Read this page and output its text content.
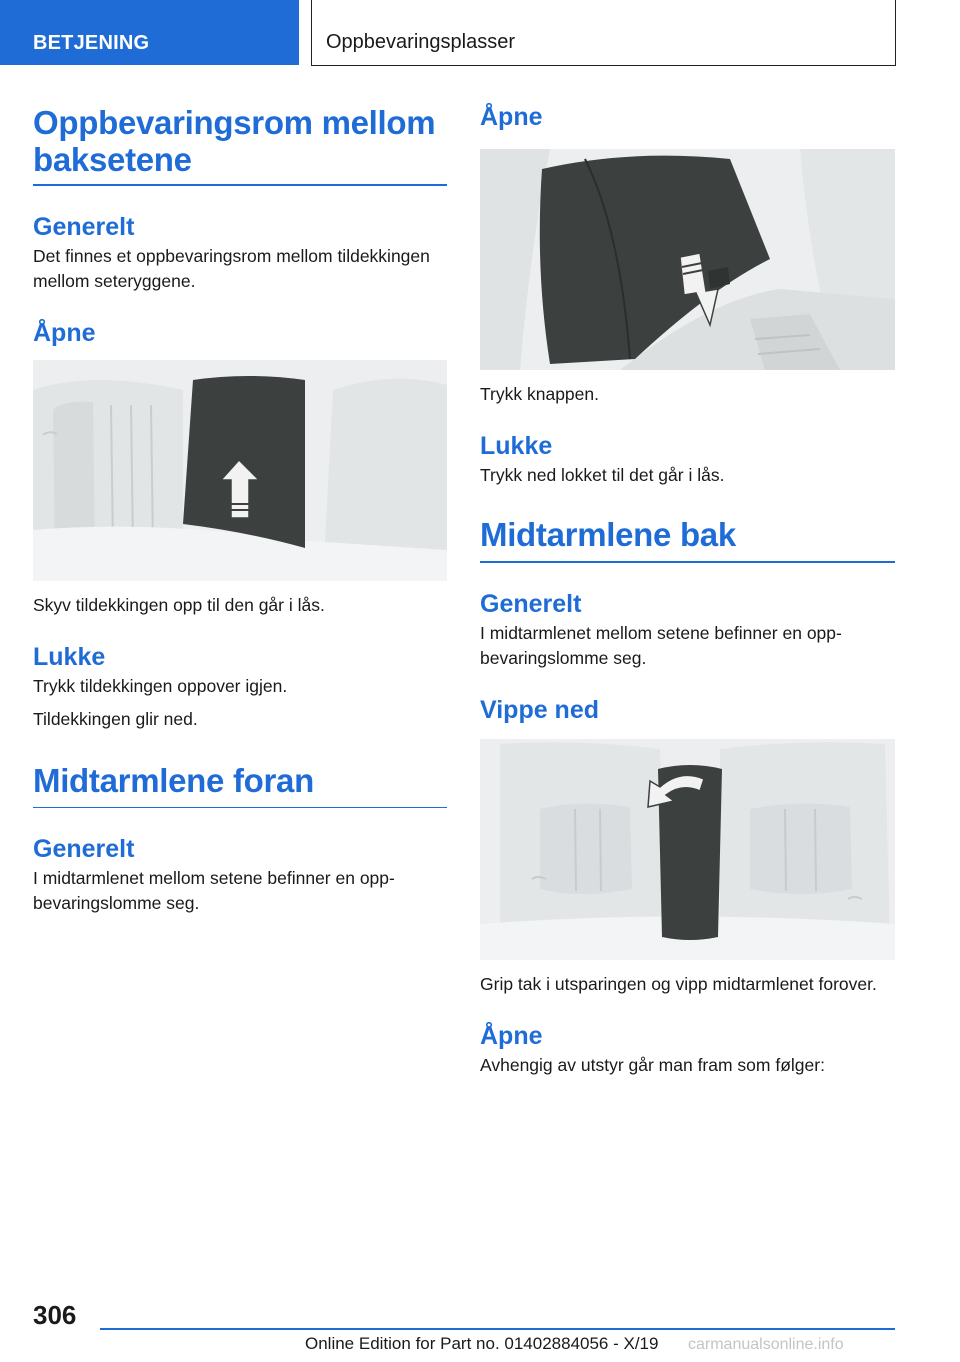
BETJENING	Oppbevaringsplasser
Oppbevaringsrom mellom baksetene
Generelt

Det finnes et oppbevaringsrom mellom tildekkingen mellom seteryggene.

Åpne

Skyv tildekkingen opp til den går i lås.

Lukke

Trykk tildekkingen oppover igjen.

Tildekkingen glir ned.

Midtarmlene foran
Generelt

I midtarmlenet mellom setene befinner en oppbevaringslomme seg.

Åpne

Trykk knappen.

Lukke

Trykk ned lokket til det går i lås.

Midtarmlene bak
Generelt

I midtarmlenet mellom setene befinner en oppbevaringslomme seg.

Vippe ned

Grip tak i utsparingen og vipp midtarmlenet forover.

Åpne

Avhengig av utstyr går man fram som følger:

306
Online Edition for Part no. 01402884056 - X/19 carmanualsonline.info
